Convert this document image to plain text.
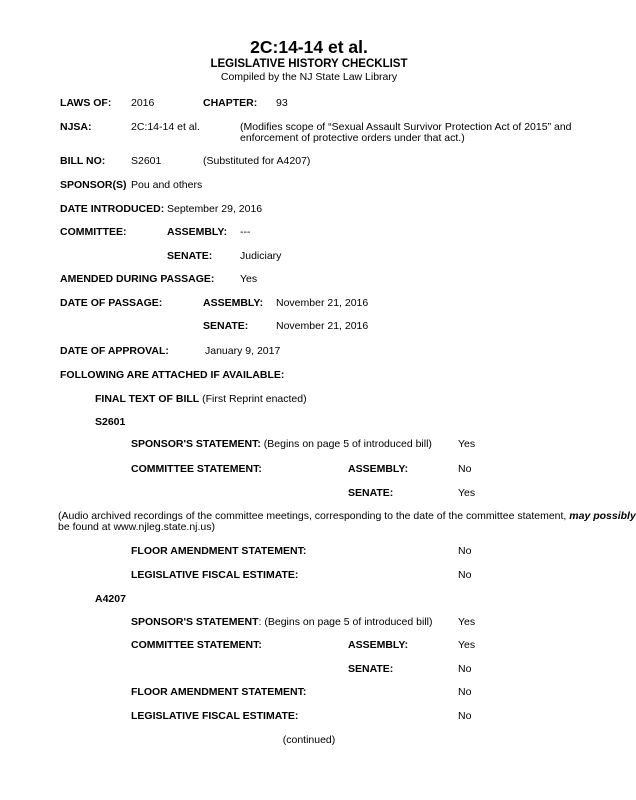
2C:14-14 et al.
LEGISLATIVE HISTORY CHECKLIST
Compiled by the NJ State Law Library
LAWS OF: 2016	CHAPTER: 93
NJSA:	2C:14-14 et al.	(Modifies scope of “Sexual Assault Survivor Protection Act of 2015” and
enforcement of protective orders under that act.)
BILL NO: S2601	(Substituted for A4207)
SPONSOR(S) Pou and others
DATE INTRODUCED: September 29, 2016
COMMITTEE:	ASSEMBLY: ---
SENATE:	Judiciary
AMENDED DURING PASSAGE: Yes
DATE OF PASSAGE:	ASSEMBLY: November 21, 2016
SENATE:	November 21, 2016
DATE OF APPROVAL:	January 9, 2017
FOLLOWING ARE ATTACHED IF AVAILABLE:
FINAL TEXT OF BILL (First Reprint enacted)
S2601
SPONSOR'S STATEMENT: (Begins on page 5 of introduced bill) Yes
COMMITTEE STATEMENT:	ASSEMBLY:	No
SENATE:	Yes
(Audio archived recordings of the committee meetings, corresponding to the date of the committee statement, may possibly
be found at www.njleg.state.nj.us)
FLOOR AMENDMENT STATEMENT:	No
LEGISLATIVE FISCAL ESTIMATE:	No
A4207
SPONSOR'S STATEMENT: (Begins on page 5 of introduced bill) Yes
COMMITTEE STATEMENT:	ASSEMBLY:	Yes
SENATE:	No
FLOOR AMENDMENT STATEMENT:	No
LEGISLATIVE FISCAL ESTIMATE:	No
(continued)
